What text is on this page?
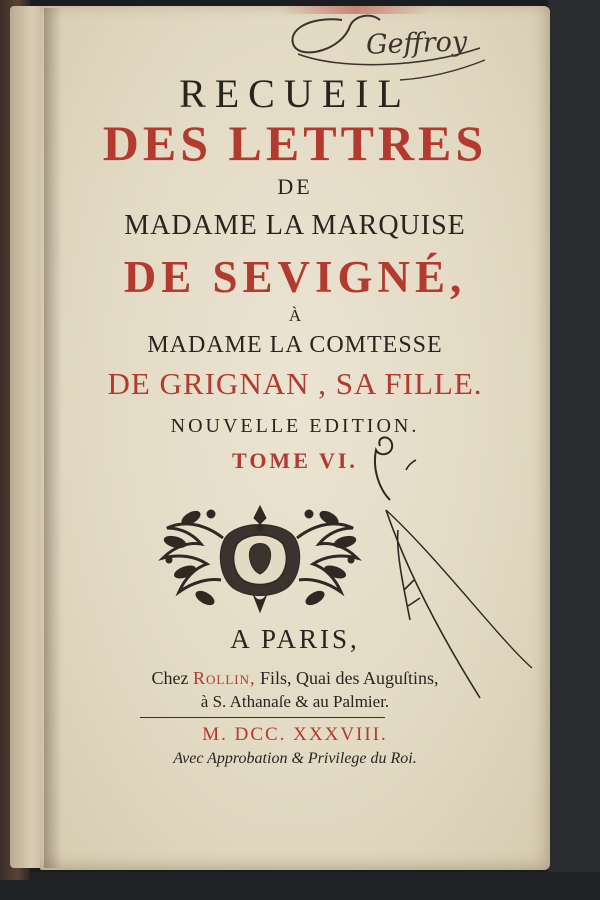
Geffroy

RECUEIL

DES LETTRES

DE

MADAME LA MARQUISE

DE SEVIGNÉ,

À

MADAME LA COMTESSE

DE GRIGNAN , SA FILLE.

NOUVELLE EDITION.

TOME VI.

A PARIS,

Chez Rollin, Fils, Quai des Auguſtins,

à S. Athanaſe & au Palmier.

M. DCC. XXXVIII.

Avec Approbation & Privilege du Roi.
